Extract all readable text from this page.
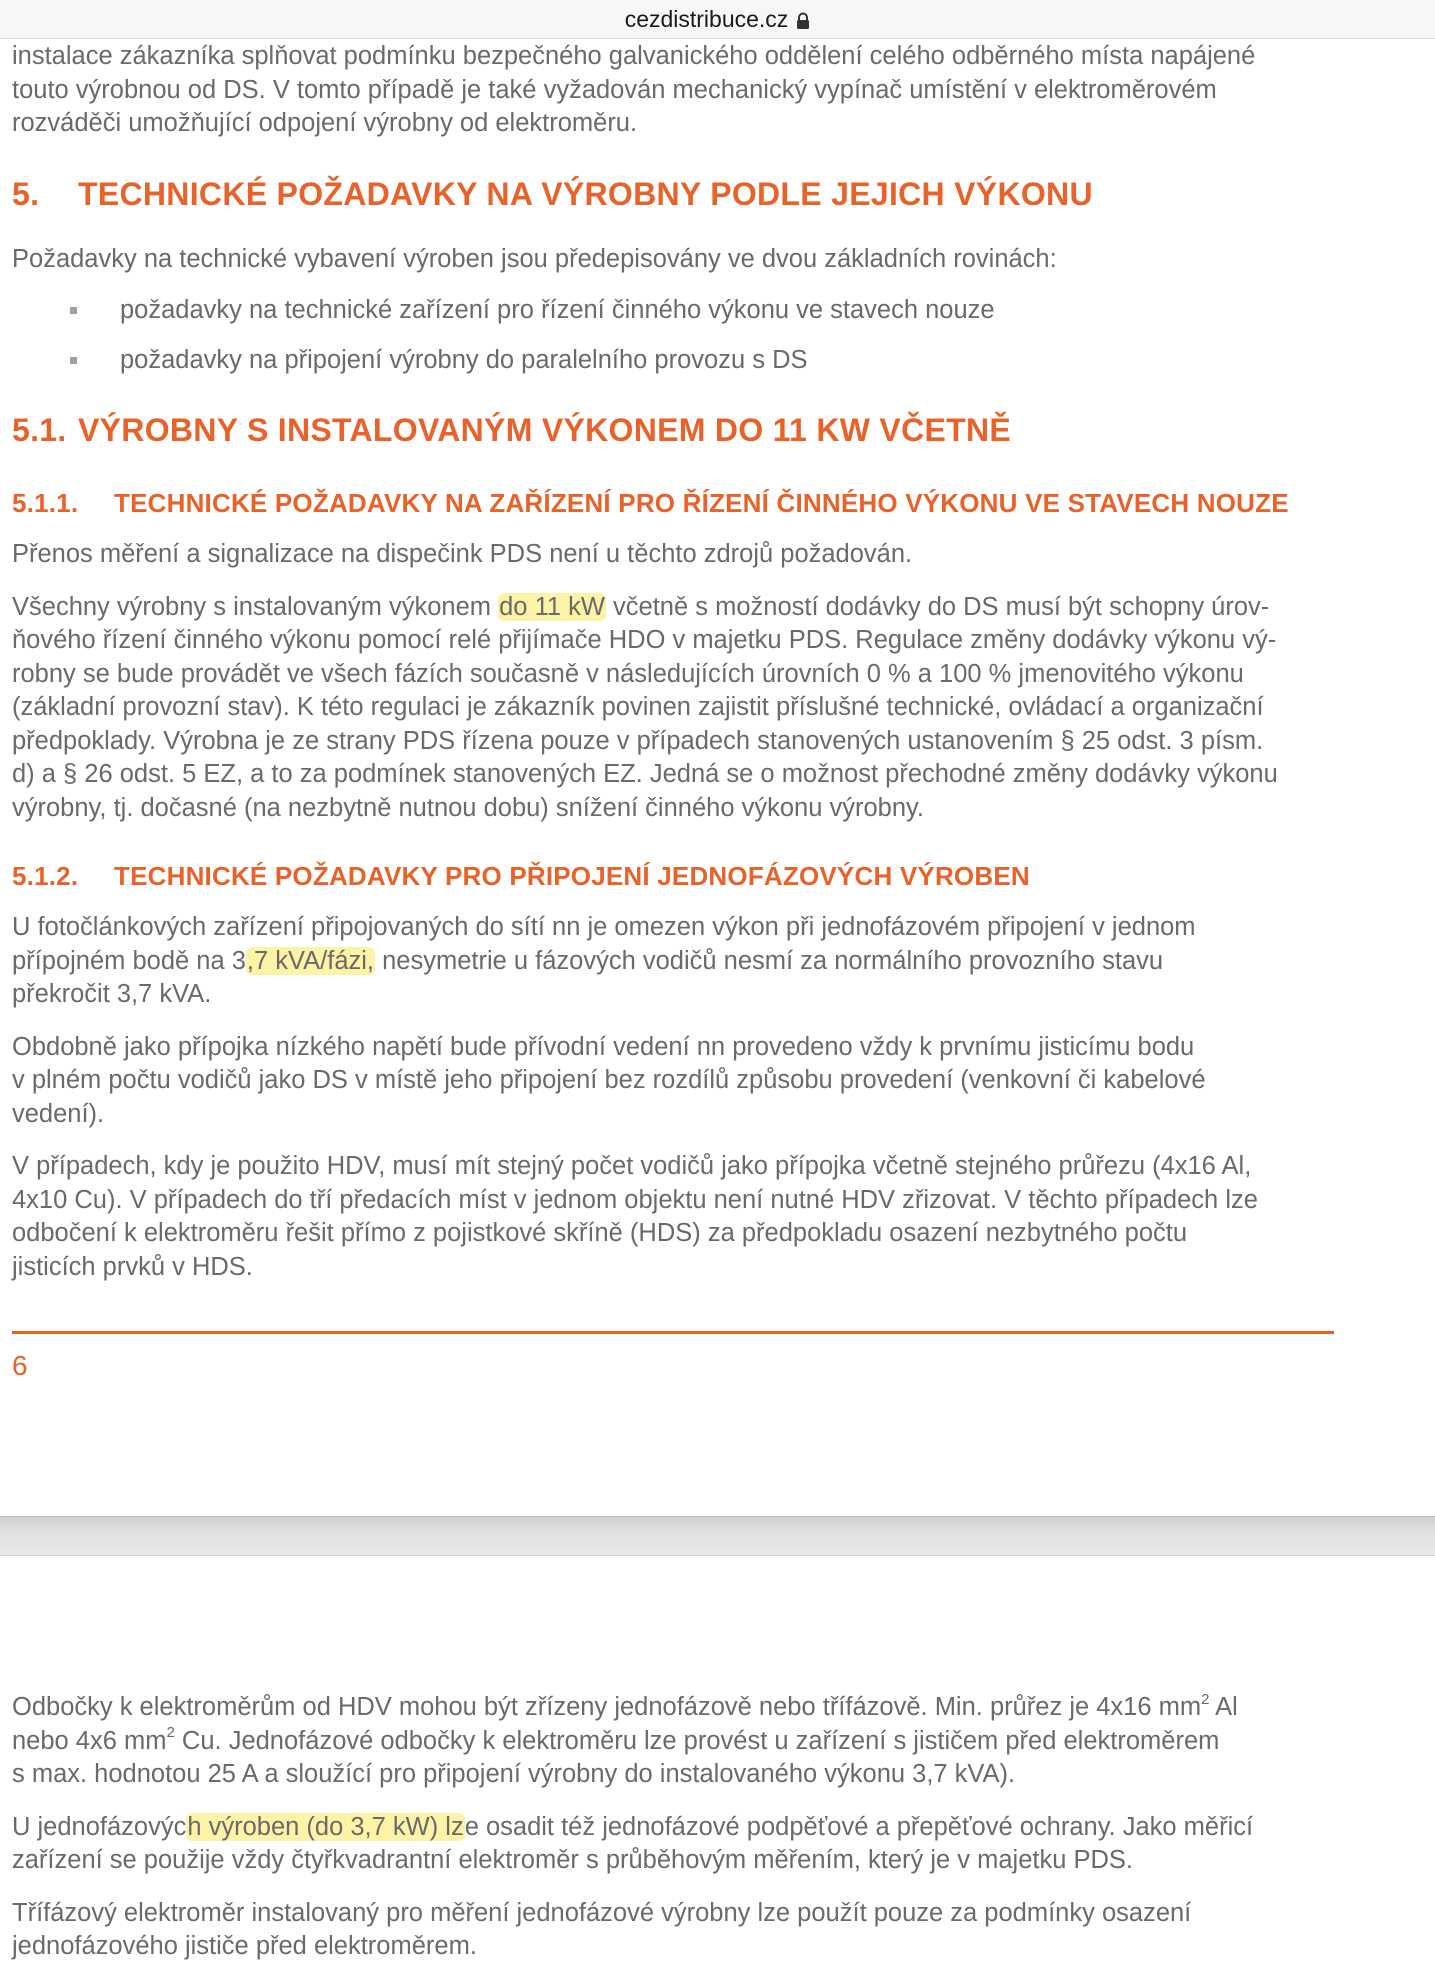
cezdistribuce.cz

instalace zákazníka splňovat podmínku bezpečného galvanického oddělení celého odběrného místa napájené

touto výrobnou od DS. V tomto případě je také vyžadován mechanický vypínač umístění v elektroměrovém

rozváděči umožňující odpojení výrobny od elektroměru.

5. TECHNICKÉ POŽADAVKY NA VÝROBNY PODLE JEJICH VÝKONU

Požadavky na technické vybavení výroben jsou předepisovány ve dvou základních rovinách:

požadavky na technické zařízení pro řízení činného výkonu ve stavech nouze
požadavky na připojení výrobny do paralelního provozu s DS
5.1. VÝROBNY S INSTALOVANÝM VÝKONEM DO 11 KW VČETNĚ
5.1.1. TECHNICKÉ POŽADAVKY NA ZAŘÍZENÍ PRO ŘÍZENÍ ČINNÉHO VÝKONU VE STAVECH NOUZE

Přenos měření a signalizace na dispečink PDS není u těchto zdrojů požadován.

Všechny výrobny s instalovaným výkonem do 11 kW včetně s možností dodávky do DS musí být schopny úrov-

ňového řízení činného výkonu pomocí relé přijímače HDO v majetku PDS. Regulace změny dodávky výkonu vý-

robny se bude provádět ve všech fázích současně v následujících úrovních 0 % a 100 % jmenovitého výkonu

(základní provozní stav). K této regulaci je zákazník povinen zajistit příslušné technické, ovládací a organizační

předpoklady. Výrobna je ze strany PDS řízena pouze v případech stanovených ustanovením § 25 odst. 3 písm.

d) a § 26 odst. 5 EZ, a to za podmínek stanovených EZ. Jedná se o možnost přechodné změny dodávky výkonu

výrobny, tj. dočasné (na nezbytně nutnou dobu) snížení činného výkonu výrobny.

5.1.2. TECHNICKÉ POŽADAVKY PRO PŘIPOJENÍ JEDNOFÁZOVÝCH VÝROBEN

U fotočlánkových zařízení připojovaných do sítí nn je omezen výkon při jednofázovém připojení v jednom

přípojném bodě na 3,7 kVA/fázi, nesymetrie u fázových vodičů nesmí za normálního provozního stavu

překročit 3,7 kVA.

Obdobně jako přípojka nízkého napětí bude přívodní vedení nn provedeno vždy k prvnímu jisticímu bodu

v plném počtu vodičů jako DS v místě jeho připojení bez rozdílů způsobu provedení (venkovní či kabelové

vedení).

V případech, kdy je použito HDV, musí mít stejný počet vodičů jako přípojka včetně stejného průřezu (4x16 Al,

4x10 Cu). V případech do tří předacích míst v jednom objektu není nutné HDV zřizovat. V těchto případech lze

odbočení k elektroměru řešit přímo z pojistkové skříně (HDS) za předpokladu osazení nezbytného počtu

jisticích prvků v HDS.

6

Odbočky k elektroměrům od HDV mohou být zřízeny jednofázově nebo třífázově. Min. průřez je 4x16 $mm^2$ Al

nebo 4x6 $mm^2$ Cu. Jednofázové odbočky k elektroměru lze provést u zařízení s jističem před elektroměrem

s max. hodnotou 25 A a sloužící pro připojení výrobny do instalovaného výkonu 3,7 kVA).

U jednofázových výroben (do 3,7 kW) lze osadit též jednofázové podpěťové a přepěťové ochrany. Jako měřicí

zařízení se použije vždy čtyřkvadrantní elektroměr s průběhovým měřením, který je v majetku PDS.

Třífázový elektroměr instalovaný pro měření jednofázové výrobny lze použít pouze za podmínky osazení

jednofázového jističe před elektroměrem.
